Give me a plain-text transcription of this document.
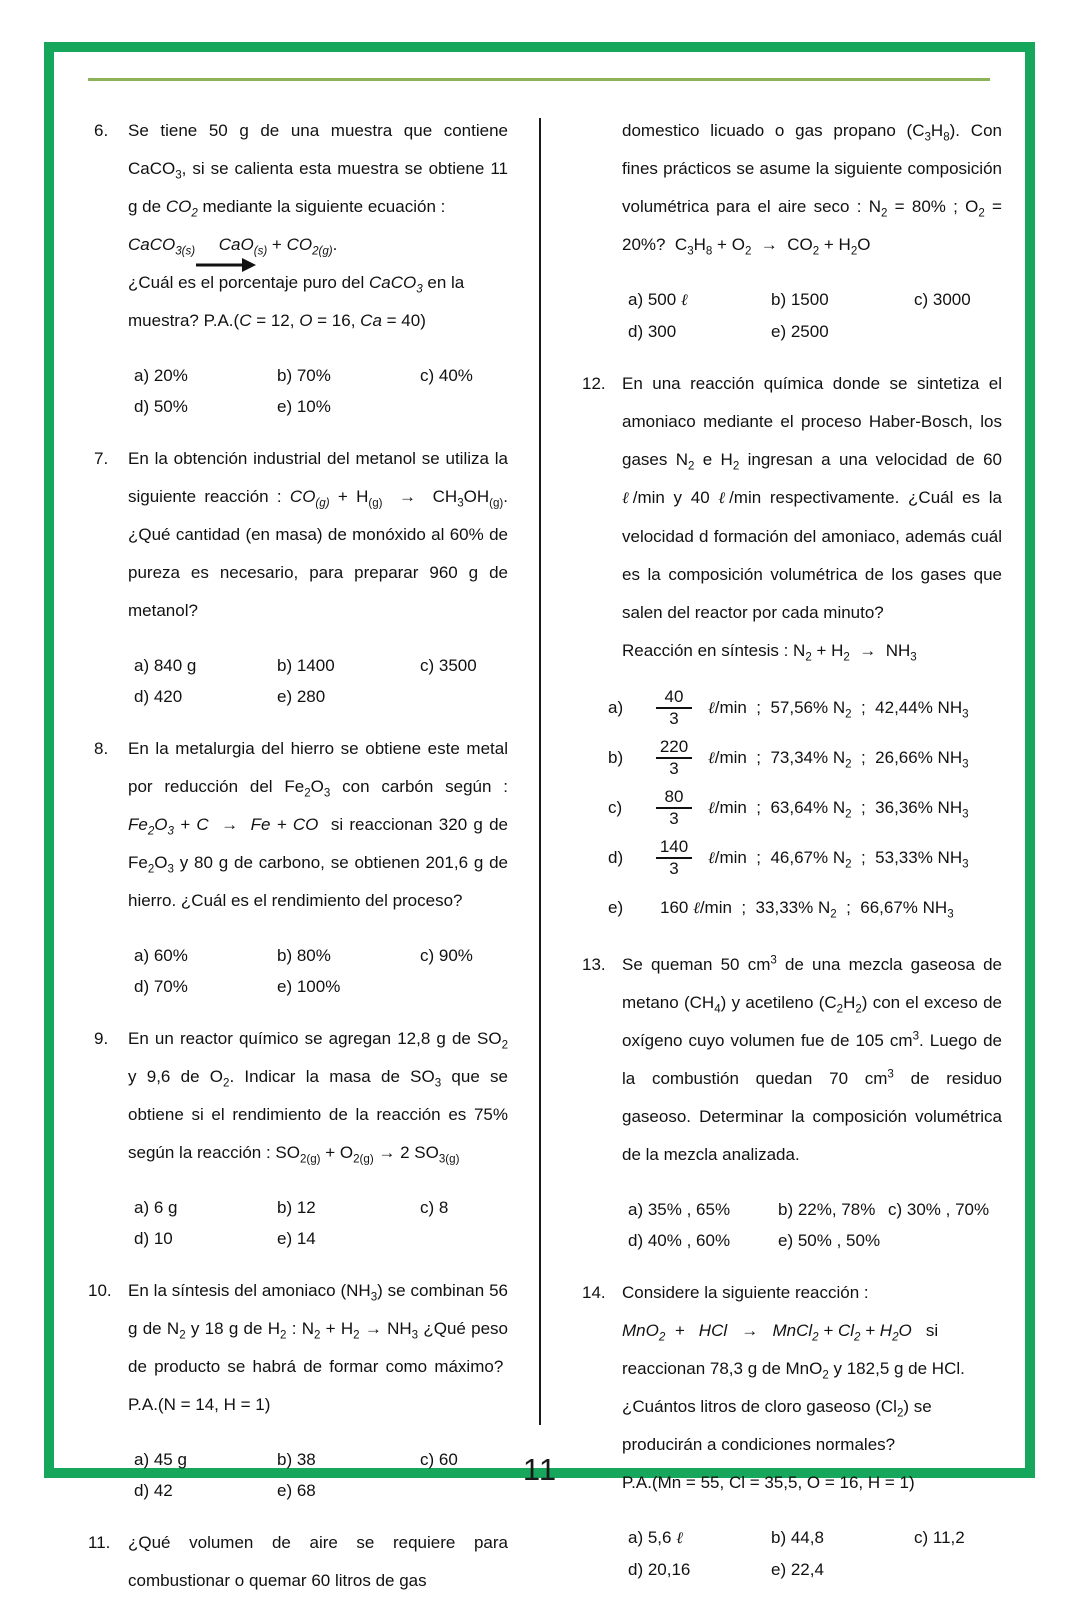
6.	Se tiene 50 g de una muestra que contiene CaCO$_3$, si se calienta esta muestra se obtiene 11 g de $CO_2$ mediante la siguiente ecuación :

CaCO$_{3(s)}$ $CaO_{(s)} + CO_{2(g)}$.

¿Cuál es el porcentaje puro del CaCO$_3$ en la muestra? P.A.(C = 12, O = 16, Ca = 40)

a) 20%	b) 70%	c) 40%
d) 50%	e) 10%
7.	En la obtención industrial del metanol se utiliza la siguiente reacción : $CO_{(g)} + H_{(g)} \to CH_3OH_{(g)}$. ¿Qué cantidad (en masa) de monóxido al 60% de pureza es necesario, para preparar 960 g de metanol?

a) 840 g	b) 1400	c) 3500
d) 420	e) 280
8.	En la metalurgia del hierro se obtiene este metal por reducción del $Fe_2O_3$ con carbón según : $Fe_2O_3 + C \to Fe$ + CO  si reaccionan 320 g de $Fe_2O_3$ y 80 g de carbono, se obtienen 201,6 g de hierro. ¿Cuál es el rendimiento del proceso?

a) 60%	b) 80%	c) 90%
d) 70%	e) 100%
9.	En un reactor químico se agregan 12,8 g de $SO_2$ y 9,6 de $O_2$. Indicar la masa de $SO_3$ que se obtiene si el rendimiento de la reacción es 75% según la reacción : $SO_{2(g)} + O_{2(g)} \to 2$ $SO_{3(g)}$

a) 6 g	b) 12	c) 8
d) 10	e) 14
10. En la síntesis del amoniaco $(NH_3)$ se combinan 56 g de $N_2$ y 18 g de $H_2$ : $N_2 + H_2 \to NH_3$ ¿Qué peso de producto se habrá de formar como máximo?  P.A.(N = 14, H = 1)

a) 45 g	b) 38	c) 60
d) 42	e) 68
11.	¿Qué volumen de aire se requiere para combustionar o quemar 60 litros de gas

domestico licuado o gas propano $(C_3H_8)$. Con fines prácticos se asume la siguiente composición volumétrica para el aire seco : $N_2 = 80\%$ ; $O_2 = 20\%$?  $C_3H_8 + O_2 \to CO_2 + H_2O$

a) 500 ℓ	b) 1500	c) 3000
d) 300	e) 2500
12. En una reacción química donde se sintetiza el amoniaco mediante el proceso Haber-Bosch, los gases $N_2$ e $H_2$ ingresan a una velocidad de 60 ℓ/min y 40 ℓ/min respectivamente. ¿Cuál es la velocidad d formación del amoniaco, además cuál es la composición volumétrica de los gases que salen del reactor por cada minuto?

Reacción en síntesis : $N_2 + H_2 \to NH_3$

a)	$\frac{40}{3}$ ℓ/min  ;  57,56% $N_2$  ;  42,44% $NH_3$
b)	$\frac{220}{3}$ ℓ/min  ;  73,34% $N_2$  ;  26,66% $NH_3$
c)	$\frac{80}{3}$ ℓ/min  ;  63,64% $N_2$  ;  36,36% $NH_3$
d)	$\frac{140}{3}$ ℓ/min  ;  46,67% $N_2$  ;  53,33% $NH_3$
e)	160 ℓ/min  ;  33,33% $N_2$  ;  66,67% $NH_3$
13. Se queman 50 $cm^3$ de una mezcla gaseosa de metano $(CH_4)$ y acetileno $(C_2H_2)$ con el exceso de oxígeno cuyo volumen fue de 105 $cm^3$. Luego de la combustión quedan 70 $cm^3$ de residuo gaseoso. Determinar la composición volumétrica de la mezcla analizada.

a) 35% , 65%	b) 22%, 78% c) 30% , 70%
d) 40% , 60%	e) 50% , 50%
14. Considere la siguiente reacción :

MnO$_2$  +   HCl   →   MnCl$_2$ + $Cl_2 + H_2O$   si reaccionan 78,3 g de MnO$_2$ y 182,5 g de HCl. ¿Cuántos litros de cloro gaseoso $(Cl_2)$ se producirán a condiciones normales?

P.A.(Mn = 55, Cl = 35,5, O = 16, H = 1)

a) 5,6 ℓ	b) 44,8	c) 11,2
d) 20,16	e) 22,4
11
